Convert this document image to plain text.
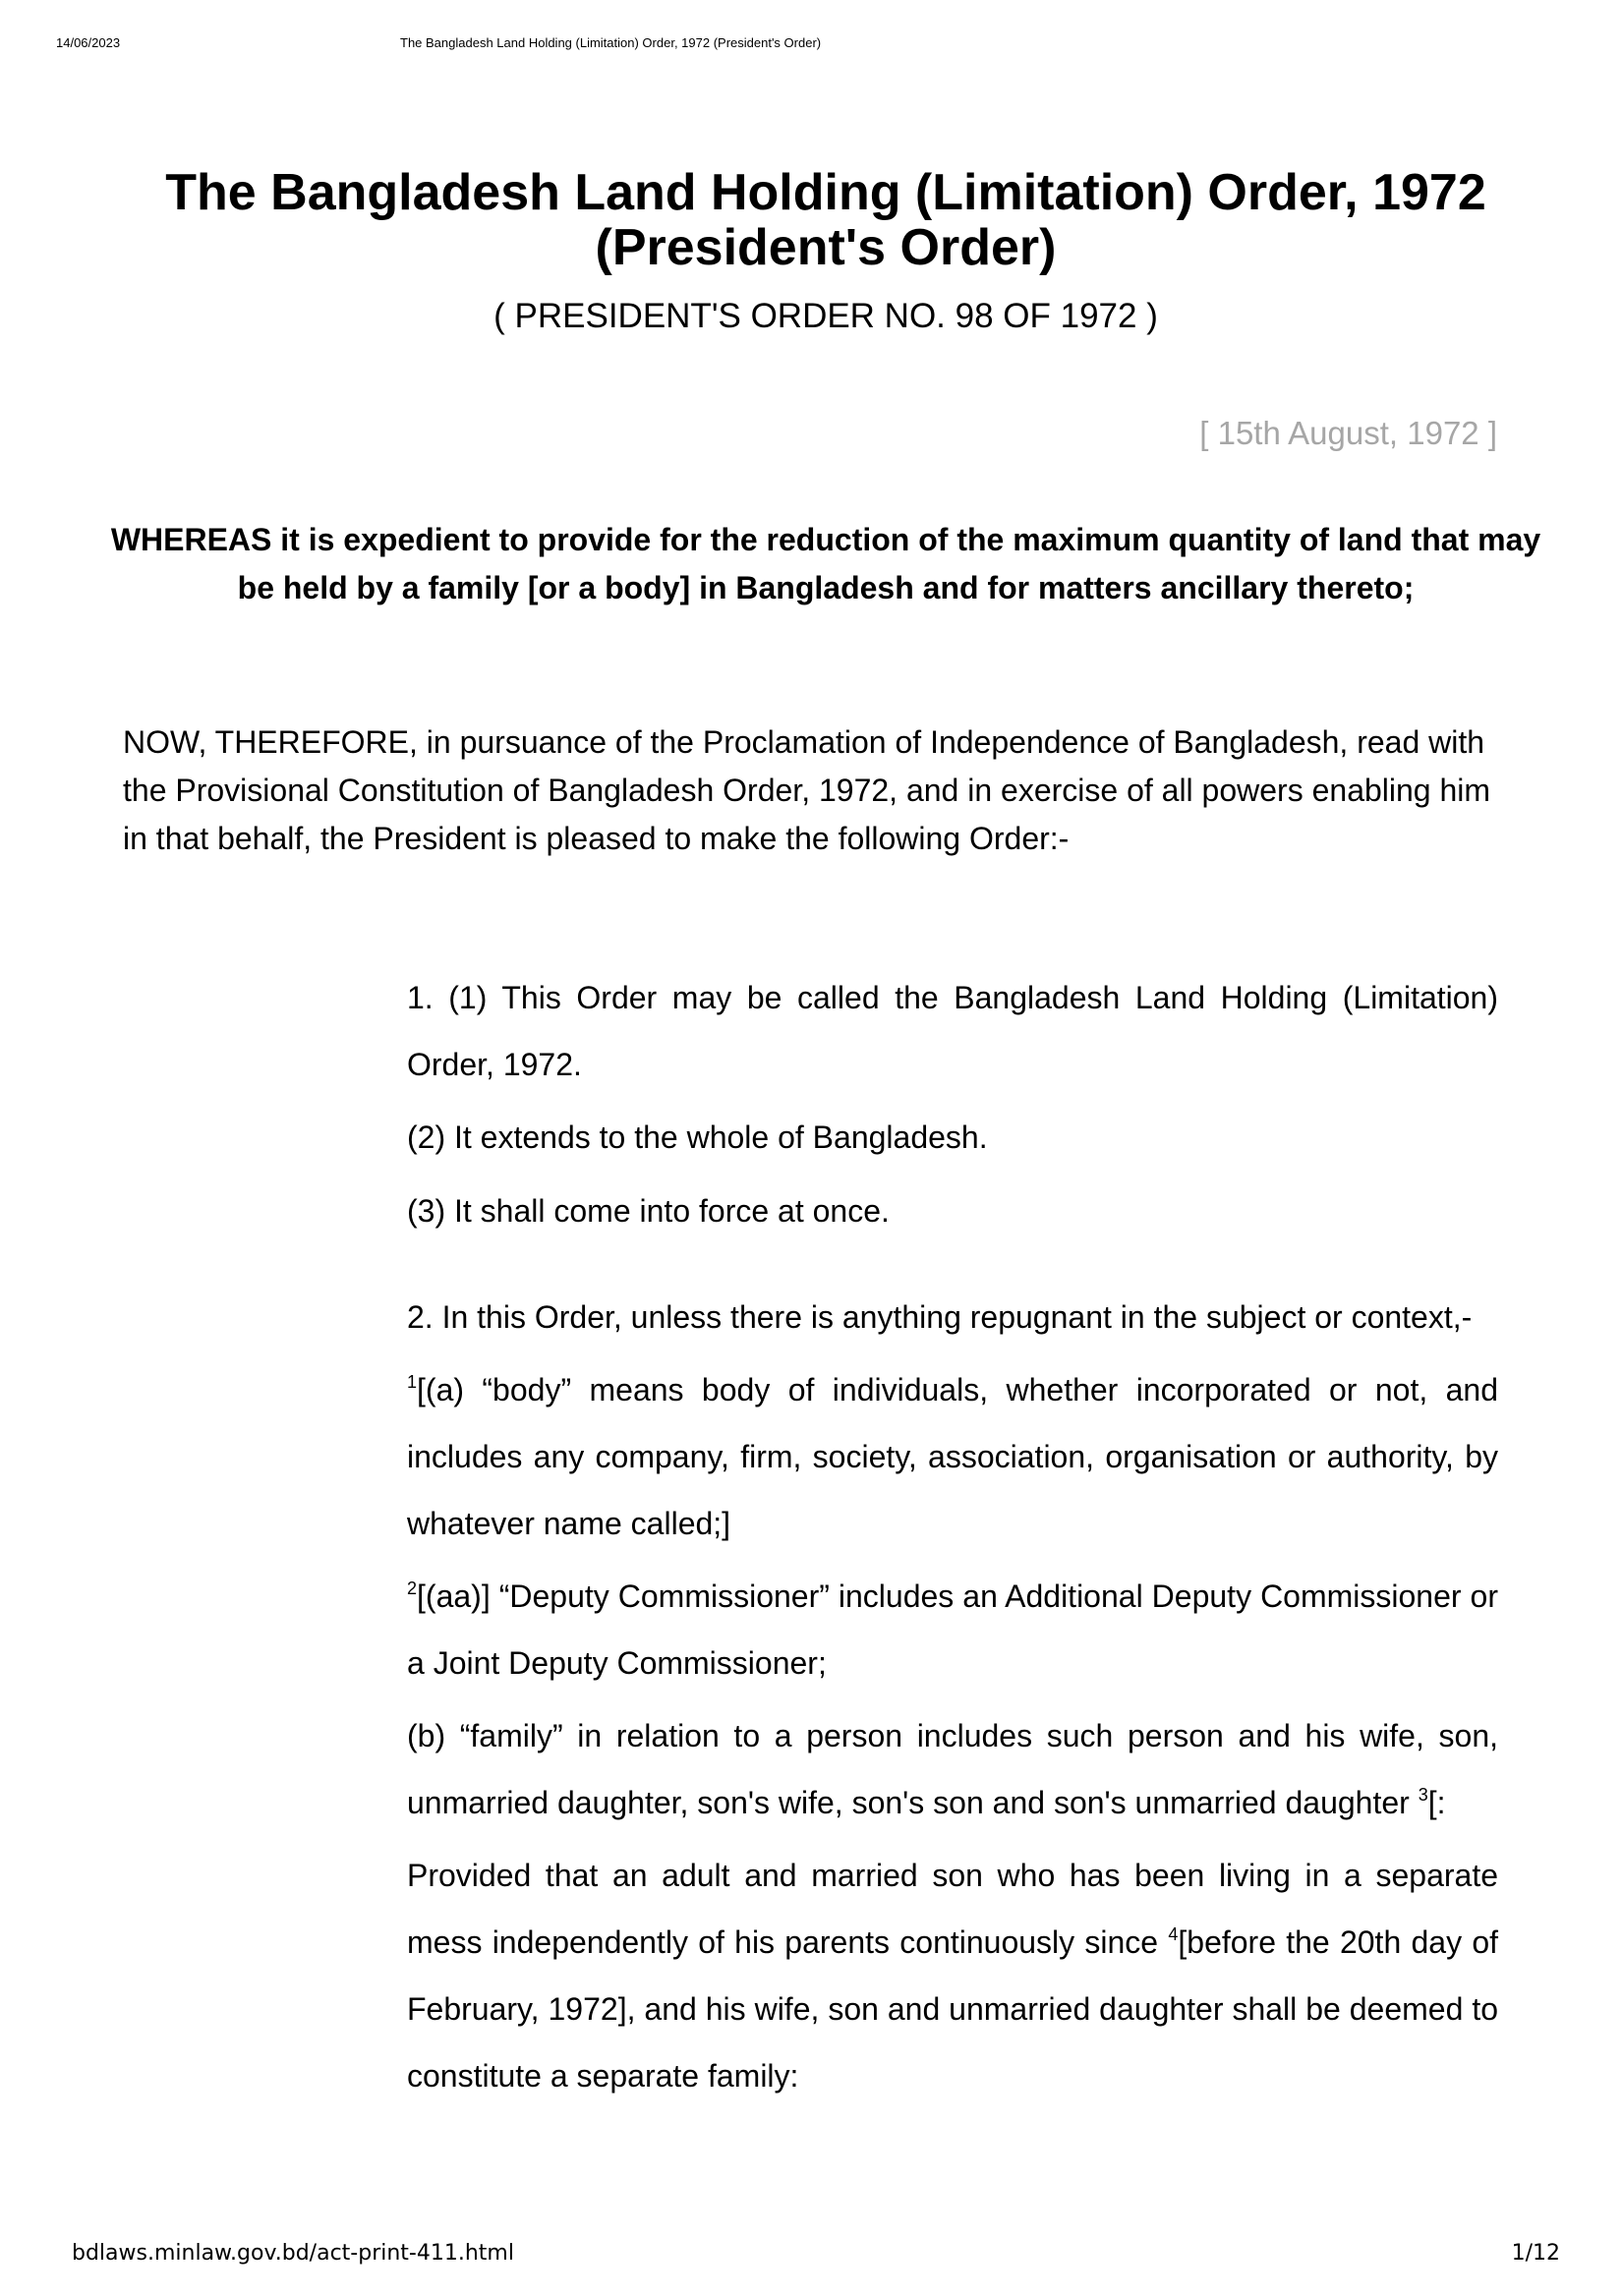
14/06/2023	The Bangladesh Land Holding (Limitation) Order, 1972 (President's Order)
The Bangladesh Land Holding (Limitation) Order, 1972
(President's Order)
( PRESIDENT'S ORDER NO. 98 OF 1972 )
[ 15th August, 1972 ]
WHEREAS it is expedient to provide for the reduction of the maximum quantity of land that may be held by a family [or a body] in Bangladesh and for matters ancillary thereto;
NOW, THEREFORE, in pursuance of the Proclamation of Independence of Bangladesh, read with the Provisional Constitution of Bangladesh Order, 1972, and in exercise of all powers enabling him in that behalf, the President is pleased to make the following Order:-

1. (1) This Order may be called the Bangladesh Land Holding (Limitation) Order, 1972.

(2) It extends to the whole of Bangladesh.

(3) It shall come into force at once.

2. In this Order, unless there is anything repugnant in the subject or context,-

$^1$[(a) “body” means body of individuals, whether incorporated or not, and includes any company, firm, society, association, organisation or authority, by whatever name called;]

$^2$[(aa)] “Deputy Commissioner” includes an Additional Deputy Commissioner or a Joint Deputy Commissioner;

(b) “family” in relation to a person includes such person and his wife, son, unmarried daughter, son's wife, son's son and son's unmarried daughter $^3$[:

Provided that an adult and married son who has been living in a separate mess independently of his parents continuously since $^4$[before the 20th day of February, 1972], and his wife, son and unmarried daughter shall be deemed to constitute a separate family:

bdlaws.minlaw.gov.bd/act-print-411.html	1/12
